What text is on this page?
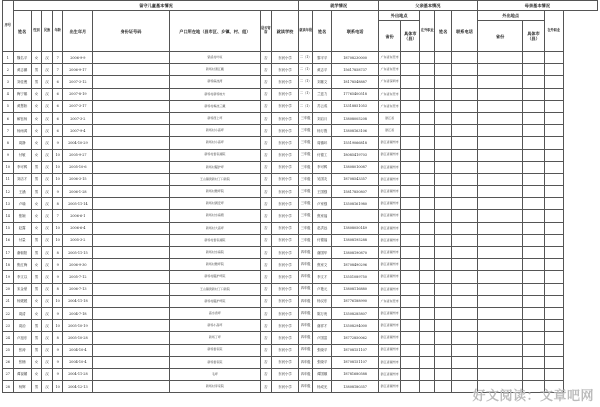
序号	留守儿童基本情况									就学情况			父亲基本情况					母亲基本情况		
	姓名	性别	民族	年龄	出生年月	身份证号码	户口所在地（县市区、乡镇、村、组）	是否寄宿	就读学校	就读年级	姓名	联系电话	外出地点		在外职业	姓名	联系电话	外出地点		在外职业
													省份	具体市（县）				省份	具体市（县）	
1	魏名平	女	汉	7	2006-9-9		紫溪村叶垣	否	东河小学	二（1）	黎平平	18708230000	广东省东莞市							
2	黄志鹏	男	汉	7	2006-9-17		新场村清江藏	否	东河小学	二（1）	黄志平	15617858737	广东省东莞市							
3	刘佳俊	男	汉	6	2007-3-12		新场麻池湾	否	东河小学	二（1）	刘雄文	18178548887	广东省深圳市							
4	梅宁娜	女	汉	6	2007-8-19		新场村新场地方	否	东河小学	二（1）	兰廷力	17765400518	广东省东莞市							
5	黄慧娇	女	汉	6	2007-3-17		新场村梅池三藏	否	东河小学	二（1）	苏云成	13318851053	广东省东莞市							
6	解钰杨	女	汉	6	2007-3-2		新场西上坪	否	东河小学	三年级	刘启月	13808005208	浙江省							
7	杨雨鸿	女	汉	6	2007-9-4		新场村小高坪	否	东河小学	三年级	杨万胜	13808163106	浙江省							
8	周静	女	汉	9	2004-10-29		新场村小高坪	否	东河小学	三年级	周镇环	15519066818	浙江省湖州市							
9	付敏	女	汉	10	2005-9-27		新场村雷家湖院	否	东河小学	三年级	付德工	18085419703	浙江省湖州市							
10	李可鸭	男	汉	10	2005-10-6		新场村瞄护坪	否	东河小学	三年级	李可鸭	13808010087	浙江省湖州市							
11	刘店才	男	汉	10	2006-3-15		王山镇滨新村丁口新院	否	东河小学	三年级	吴国友	18708543357	浙江省湖州市							
12	王涵	男	汉	9	2006-1-28		新场村雅坪院	否	东河小学	三年级	王国强	15817850807	浙江省湖州市							
13	卢瑜	女	汉	8	2005-11-14		新场村朗安坪	否	东河小学	三年级	卢家强	13508161980	浙江省湖州市							
14	焦婉	女	汉	7	2006-6-1		新场村水麻殿	否	东河小学	三年级	焦家福		浙江省湖州市							
15	赵露	女	汉	10	2006-6-4		新场村大高坪	否	东河小学	三年级	赵洪远	13808050149	浙江省湖州市							
16	付量	男	汉	10	2005-3-2		新场村雷家湖院	否	东河小学	三年级	付德福	13808195288	浙江省湖州市							
17	谢朝阳	男	汉	8	2005-11-15		新场村水麻院	否	东河小学	四年级	谢国华	13808190870	浙江省湖州市							
18	焦红梅	女	汉	9	2006-9-30		新场村雅坪院	否	东河小学	四年级	焦家文	18708490296	浙江省湖州市							
19	李文以	男	汉	9	2005-7-12		新场村瞄护坪院	否	东河小学	四年级	李文才	13551089750	浙江省湖州市							
20	宋金豪	男	汉	8	2006-7-13		王山镇滨新村丁口新院	否	东河小学	四年级	卢艳元	13808116880	浙江省湖州市							
21	杨媛媛	女	汉	10	2004-11-18		新场村瞄护坪院	否	东河小学	四年级	杨汉东	18776188990	广东省东莞市							
22	周清	女	汉	9	2004-7-18		高水香坪	否	东河小学	四年级	陈万贵	13508285807	浙江省湖州市							
23	周治	男	汉	10	2005-10-19		新场小高坪	否	东河小学	四年级	谢祥才	13508294000	浙江省湖州市							
24	卢旭东	男	汉	8	2005-10-28		新场丁坪	否	东河小学	四年级	卢国富	18772850062	浙江省湖州市							
25	张涛	男	汉	9	2004-10-4		新场雷家院	否	东河小学	四年级	张晓平	18708151107	浙江省湖州市							
26	张楠	女	汉	9	2004-10-4		新场雷家院	否	东河小学	四年级	张晓平	18708151107	浙江省湖州市							
27	谭禄媚	女	汉	9	2004-11-28		毛坪	否	东河小学	四年级	谭国顺	18781680588	浙江省湖州市							
28	杨辉	男	汉	10	2004-12-13		新场村李家院	否	东河小学	四年级	杨成光	13808180357	浙江省湖州市							
好文阅读：文章吧网
